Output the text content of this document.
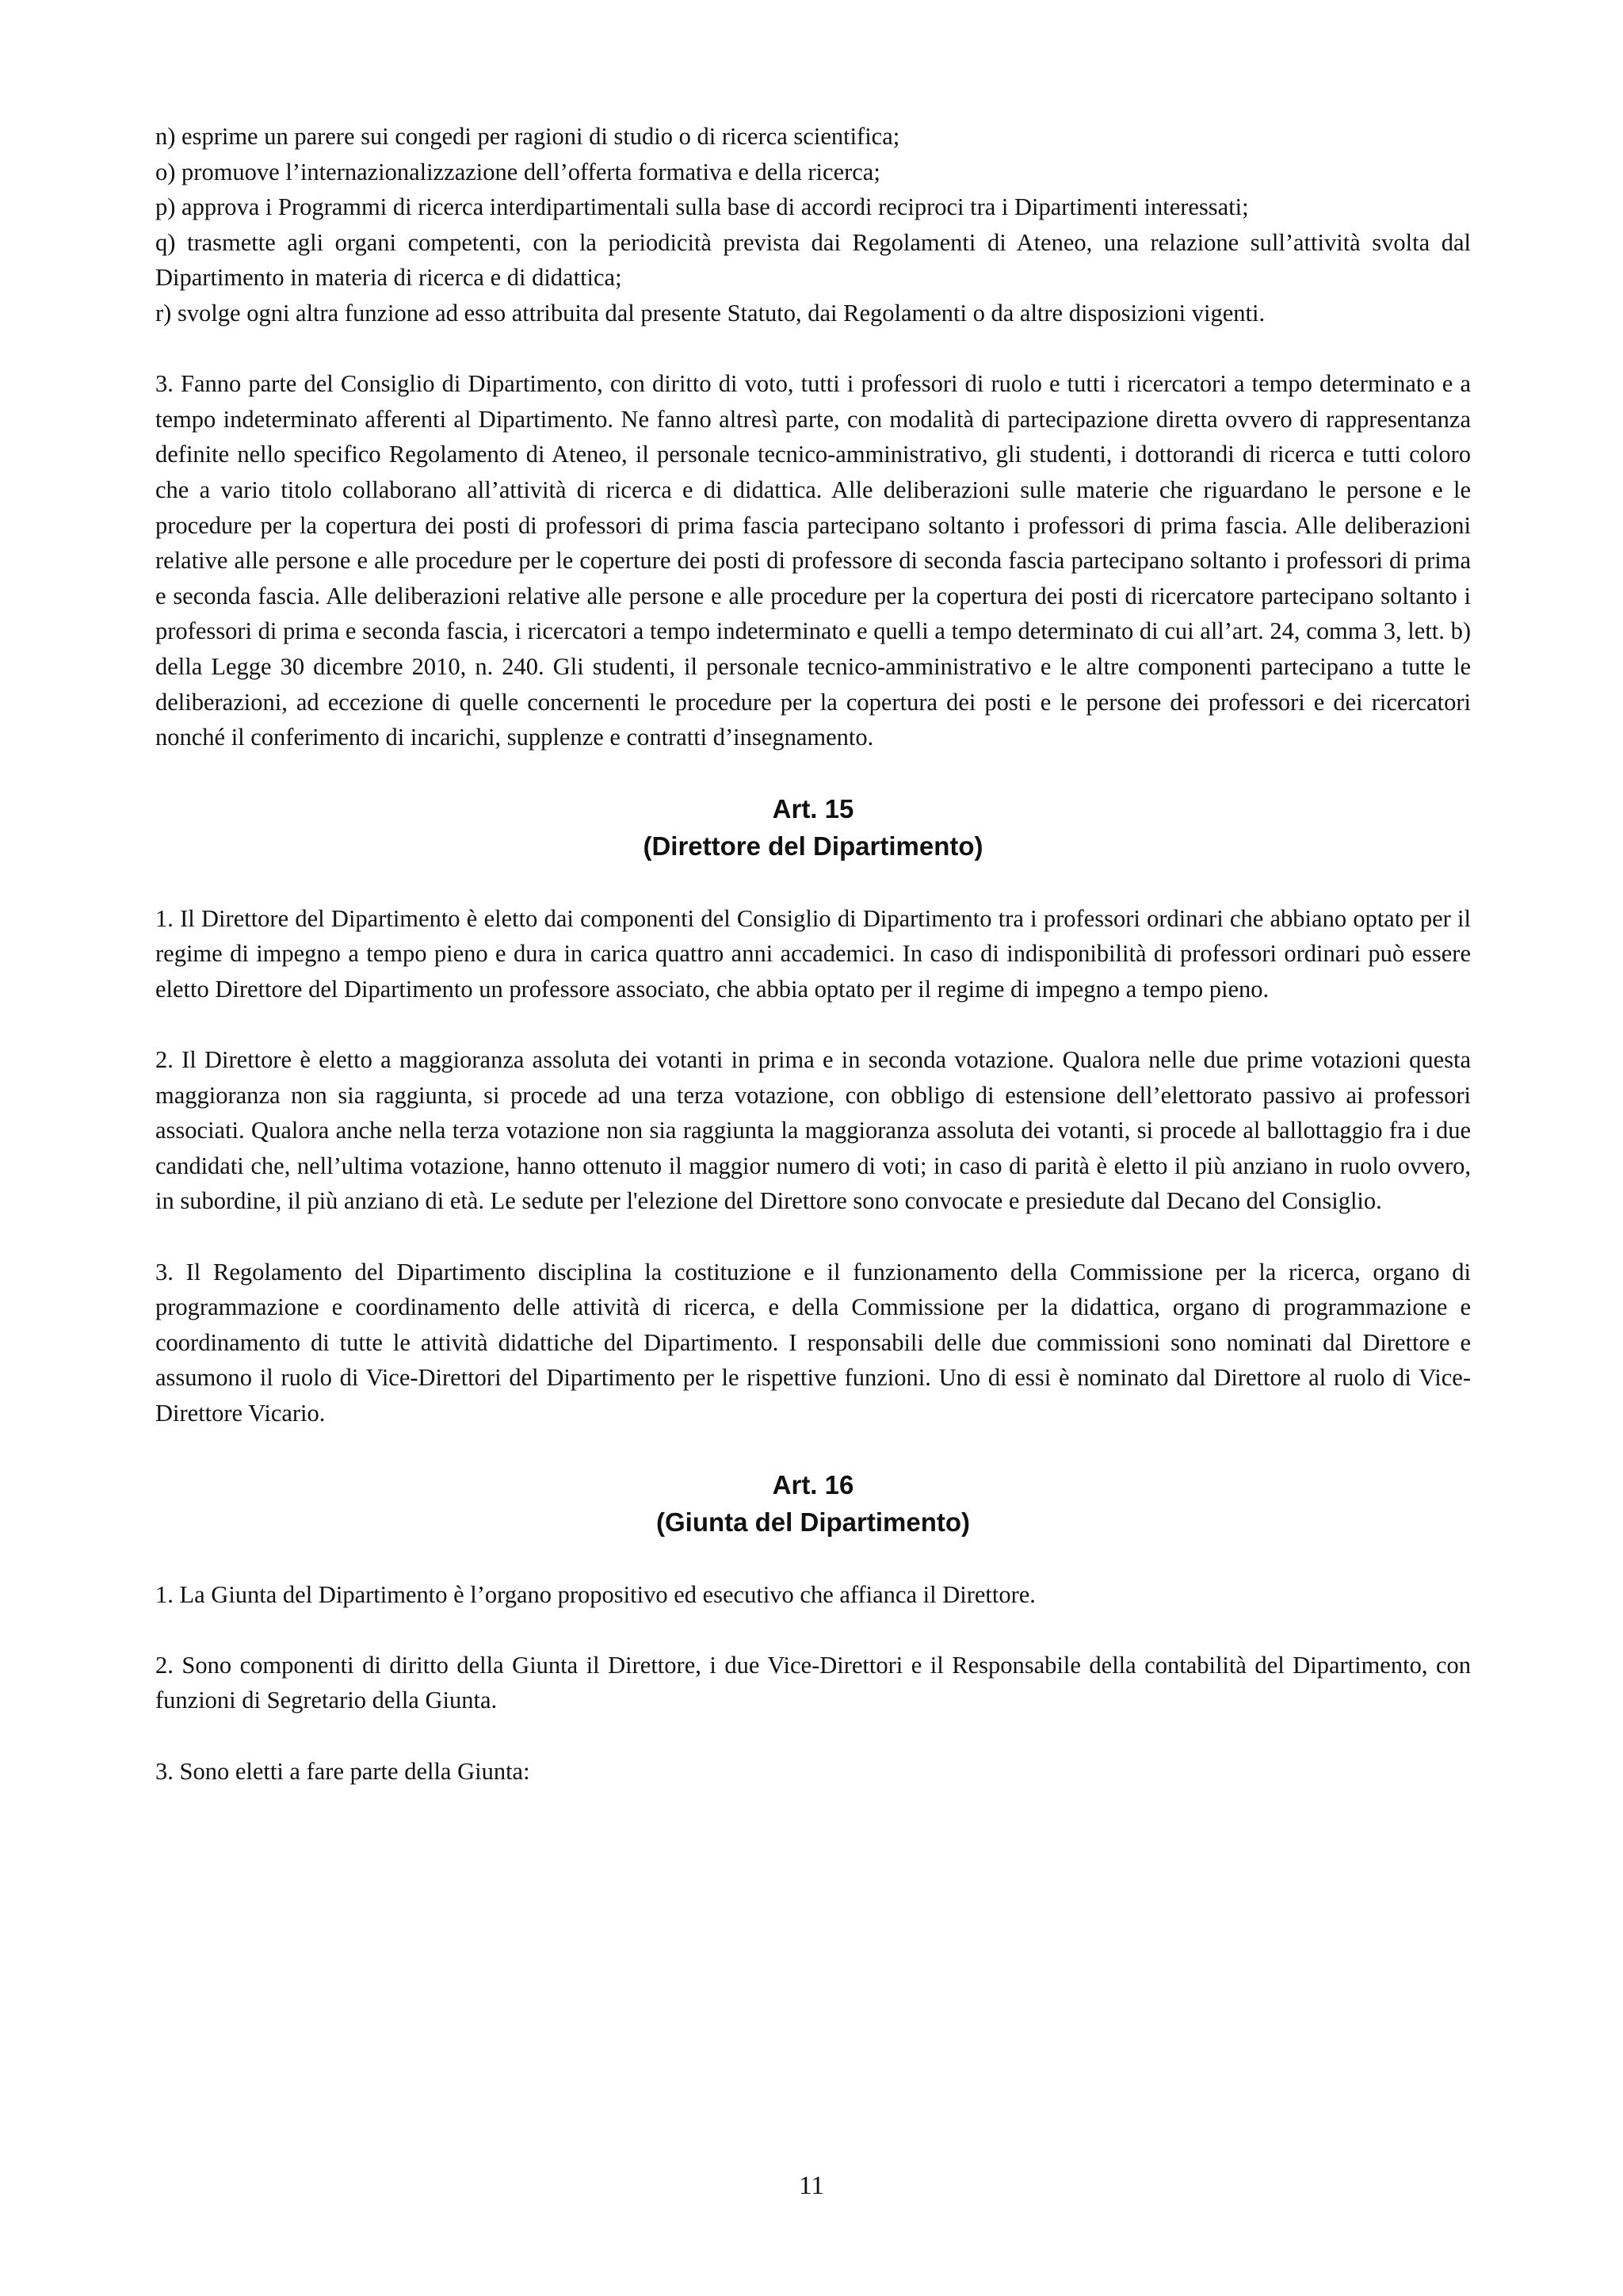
n) esprime un parere sui congedi per ragioni di studio o di ricerca scientifica;

o) promuove l’internazionalizzazione dell’offerta formativa e della ricerca;

p) approva i Programmi di ricerca interdipartimentali sulla base di accordi reciproci tra i Dipartimenti interessati;

q) trasmette agli organi competenti, con la periodicità prevista dai Regolamenti di Ateneo, una relazione sull’attività svolta dal Dipartimento in materia di ricerca e di didattica;

r) svolge ogni altra funzione ad esso attribuita dal presente Statuto, dai Regolamenti o da altre disposizioni vigenti.

3. Fanno parte del Consiglio di Dipartimento, con diritto di voto, tutti i professori di ruolo e tutti i ricercatori a tempo determinato e a tempo indeterminato afferenti al Dipartimento. Ne fanno altresì parte, con modalità di partecipazione diretta ovvero di rappresentanza definite nello specifico Regolamento di Ateneo, il personale tecnico-amministrativo, gli studenti, i dottorandi di ricerca e tutti coloro che a vario titolo collaborano all’attività di ricerca e di didattica. Alle deliberazioni sulle materie che riguardano le persone e le procedure per la copertura dei posti di professori di prima fascia partecipano soltanto i professori di prima fascia. Alle deliberazioni relative alle persone e alle procedure per le coperture dei posti di professore di seconda fascia partecipano soltanto i professori di prima e seconda fascia. Alle deliberazioni relative alle persone e alle procedure per la copertura dei posti di ricercatore partecipano soltanto i professori di prima e seconda fascia, i ricercatori a tempo indeterminato e quelli a tempo determinato di cui all’art. 24, comma 3, lett. b) della Legge 30 dicembre 2010, n. 240. Gli studenti, il personale tecnico-amministrativo e le altre componenti partecipano a tutte le deliberazioni, ad eccezione di quelle concernenti le procedure per la copertura dei posti e le persone dei professori e dei ricercatori nonché il conferimento di incarichi, supplenze e contratti d’insegnamento.

Art. 15

(Direttore del Dipartimento)

1. Il Direttore del Dipartimento è eletto dai componenti del Consiglio di Dipartimento tra i professori ordinari che abbiano optato per il regime di impegno a tempo pieno e dura in carica quattro anni accademici. In caso di indisponibilità di professori ordinari può essere eletto Direttore del Dipartimento un professore associato, che abbia optato per il regime di impegno a tempo pieno.

2. Il Direttore è eletto a maggioranza assoluta dei votanti in prima e in seconda votazione. Qualora nelle due prime votazioni questa maggioranza non sia raggiunta, si procede ad una terza votazione, con obbligo di estensione dell’elettorato passivo ai professori associati. Qualora anche nella terza votazione non sia raggiunta la maggioranza assoluta dei votanti, si procede al ballottaggio fra i due candidati che, nell’ultima votazione, hanno ottenuto il maggior numero di voti; in caso di parità è eletto il più anziano in ruolo ovvero, in subordine, il più anziano di età. Le sedute per l'elezione del Direttore sono convocate e presiedute dal Decano del Consiglio.

3. Il Regolamento del Dipartimento disciplina la costituzione e il funzionamento della Commissione per la ricerca, organo di programmazione e coordinamento delle attività di ricerca, e della Commissione per la didattica, organo di programmazione e coordinamento di tutte le attività didattiche del Dipartimento. I responsabili delle due commissioni sono nominati dal Direttore e assumono il ruolo di Vice-Direttori del Dipartimento per le rispettive funzioni. Uno di essi è nominato dal Direttore al ruolo di Vice-Direttore Vicario.

Art. 16

(Giunta del Dipartimento)

1. La Giunta del Dipartimento è l’organo propositivo ed esecutivo che affianca il Direttore.

2. Sono componenti di diritto della Giunta il Direttore, i due Vice-Direttori e il Responsabile della contabilità del Dipartimento, con funzioni di Segretario della Giunta.

3. Sono eletti a fare parte della Giunta:

11
